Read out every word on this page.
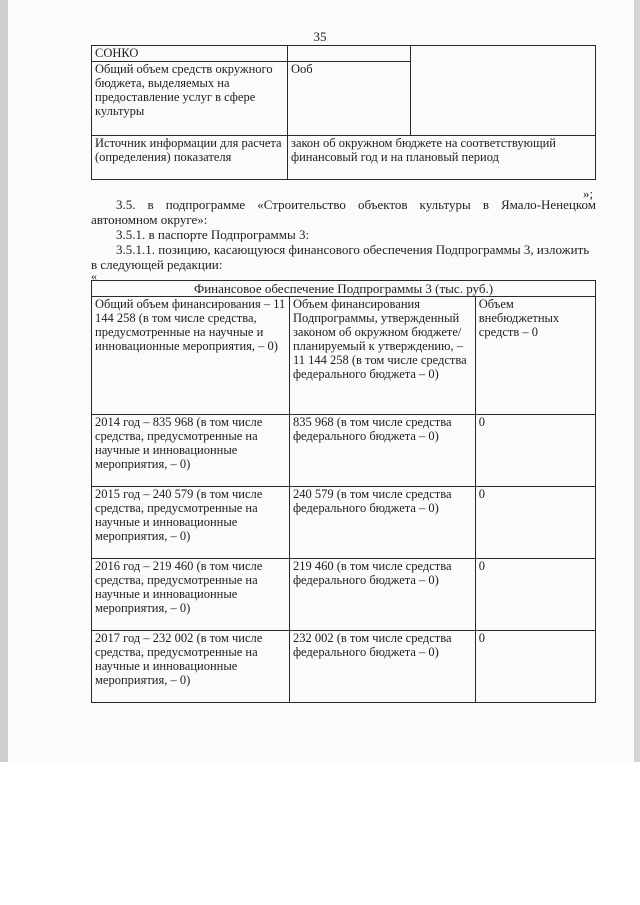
35
СОНКО		
Общий объем средств окружного бюджета, выделяемых на предоставление услуг в сфере культуры	Ооб	
Источник информации для расчета (определения) показателя	закон об окружном бюджете на соответствующий финансовый год и на плановый период	
»;
3.5. в подпрограмме «Строительство объектов культуры в Ямало-Ненецком автономном округе»:
3.5.1. в паспорте Подпрограммы 3:
3.5.1.1. позицию, касающуюся финансового обеспечения Подпрограммы 3, изложить в следующей редакции:
«
Финансовое обеспечение Подпрограммы 3 (тыс. руб.)		
Общий объем финансирования – 11 144 258 (в том числе средства, предусмотренные на научные и инновационные мероприятия, – 0)	Объем финансирования Подпрограммы, утвержденный законом об окружном бюджете/планируемый к утверждению, – 11 144 258 (в том числе средства федерального бюджета – 0)	Объем внебюджетных средств – 0
2014 год – 835 968 (в том числе средства, предусмотренные на научные и инновационные мероприятия, – 0)	835 968 (в том числе средства федерального бюджета – 0)	0
2015 год – 240 579 (в том числе средства, предусмотренные на научные и инновационные мероприятия, – 0)	240 579 (в том числе средства федерального бюджета – 0)	0
2016 год – 219 460 (в том числе средства, предусмотренные на научные и инновационные мероприятия, – 0)	219 460 (в том числе средства федерального бюджета – 0)	0
2017 год – 232 002 (в том числе средства, предусмотренные на научные и инновационные мероприятия, – 0)	232 002 (в том числе средства федерального бюджета – 0)	0
